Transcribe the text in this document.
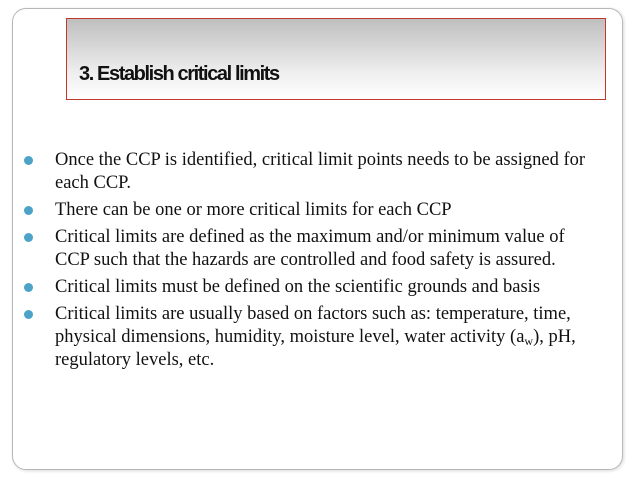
3. Establish critical limits
Once the CCP is identified, critical limit points needs to be assigned for each CCP.
There can be one or more critical limits for each CCP
Critical limits are defined as the maximum and/or minimum value of CCP such that the hazards are controlled and food safety is assured.
Critical limits must be defined on the scientific grounds and basis
Critical limits are usually based on factors such as: temperature, time, physical dimensions, humidity, moisture level, water activity $(a_w)$, pH, regulatory levels, etc.
